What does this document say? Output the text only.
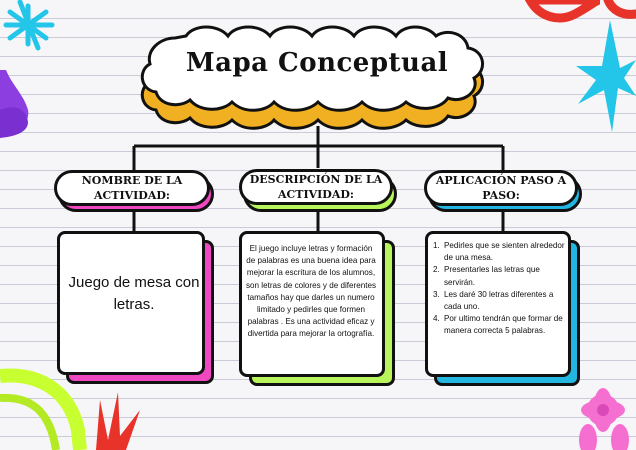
Mapa Conceptual
NOMBRE DE LA ACTIVIDAD:
DESCRIPCIÓN DE LA ACTIVIDAD:
APLICACIÓN PASO A PASO:
Juego de mesa con letras.
El juego incluye letras y formación de palabras es una buena idea para mejorar la escritura de los alumnos, son letras de colores y de diferentes tamaños hay que darles un numero limitado y pedirles que formen palabras . Es una actividad eficaz y divertida para mejorar la ortografía.
1. Pedirles que se sienten alrededor de una mesa.
2. Presentarles las letras que servirán.
3. Les daré 30 letras diferentes a cada uno.
4. Por ultimo tendrán que formar de manera correcta 5 palabras.
